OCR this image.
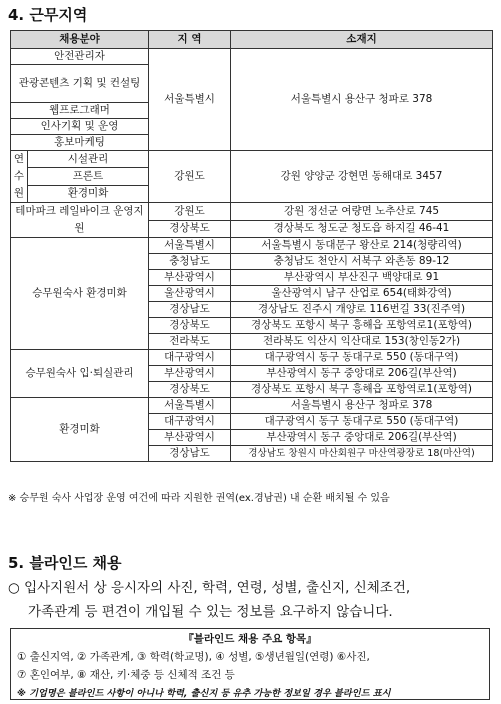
4. 근무지역
채용분야		지 역	소재지
안전관리자		서울특별시	서울특별시 용산구 청파로 378
관광콘텐츠 기획 및 컨설팅			
웹프로그래머			
인사기획 및 운영			
홍보마케팅			
연
수
원	시설관리	강원도	강원 양양군 강현면 동해대로 3457
	프론트		
	환경미화		
테마파크 레일바이크 운영지원		강원도	강원 정선군 여량면 노추산로 745
		경상북도	경상북도 청도군 청도읍 하지길 46-41
승무원숙사 환경미화		서울특별시	서울특별시 동대문구 왕산로 214(청량리역)
		충청남도	충청남도 천안시 서북구 와촌동 89-12
		부산광역시	부산광역시 부산진구 백양대로 91
		울산광역시	울산광역시 남구 산업로 654(태화강역)
		경상남도	경상남도 진주시 개양로 116번길 33(진주역)
		경상북도	경상북도 포항시 북구 흥해읍 포항역로1(포항역)
		전라북도	전라북도 익산시 익산대로 153(창인동2가)
승무원숙사 입·퇴실관리		대구광역시	대구광역시 동구 동대구로 550 (동대구역)
		부산광역시	부산광역시 동구 중앙대로 206길(부산역)
		경상북도	경상북도 포항시 북구 흥해읍 포항역로1(포항역)
환경미화		서울특별시	서울특별시 용산구 청파로 378
		대구광역시	대구광역시 동구 동대구로 550 (동대구역)
		부산광역시	부산광역시 동구 중앙대로 206길(부산역)
		경상남도	경상남도 창원시 마산회원구 마산역광장로 18(마산역)
※ 승무원 숙사 사업장 운영 여건에 따라 지원한 권역(ex.경남권) 내 순환 배치될 수 있음
5. 블라인드 채용
○ 입사지원서 상 응시자의 사진, 학력, 연령, 성별, 출신지, 신체조건,
가족관계 등 편견이 개입될 수 있는 정보를 요구하지 않습니다.
『블라인드 채용 주요 항목』
① 출신지역, ② 가족관계, ③ 학력(학교명), ④ 성별, ⑤생년월일(연령) ⑥사진,
⑦ 혼인여부, ⑧ 재산, 키·체중 등 신체적 조건 등
※ 기업명은 블라인드 사항이 아니나 학력, 출신지 등 유추 가능한 정보일 경우 블라인드 표시
